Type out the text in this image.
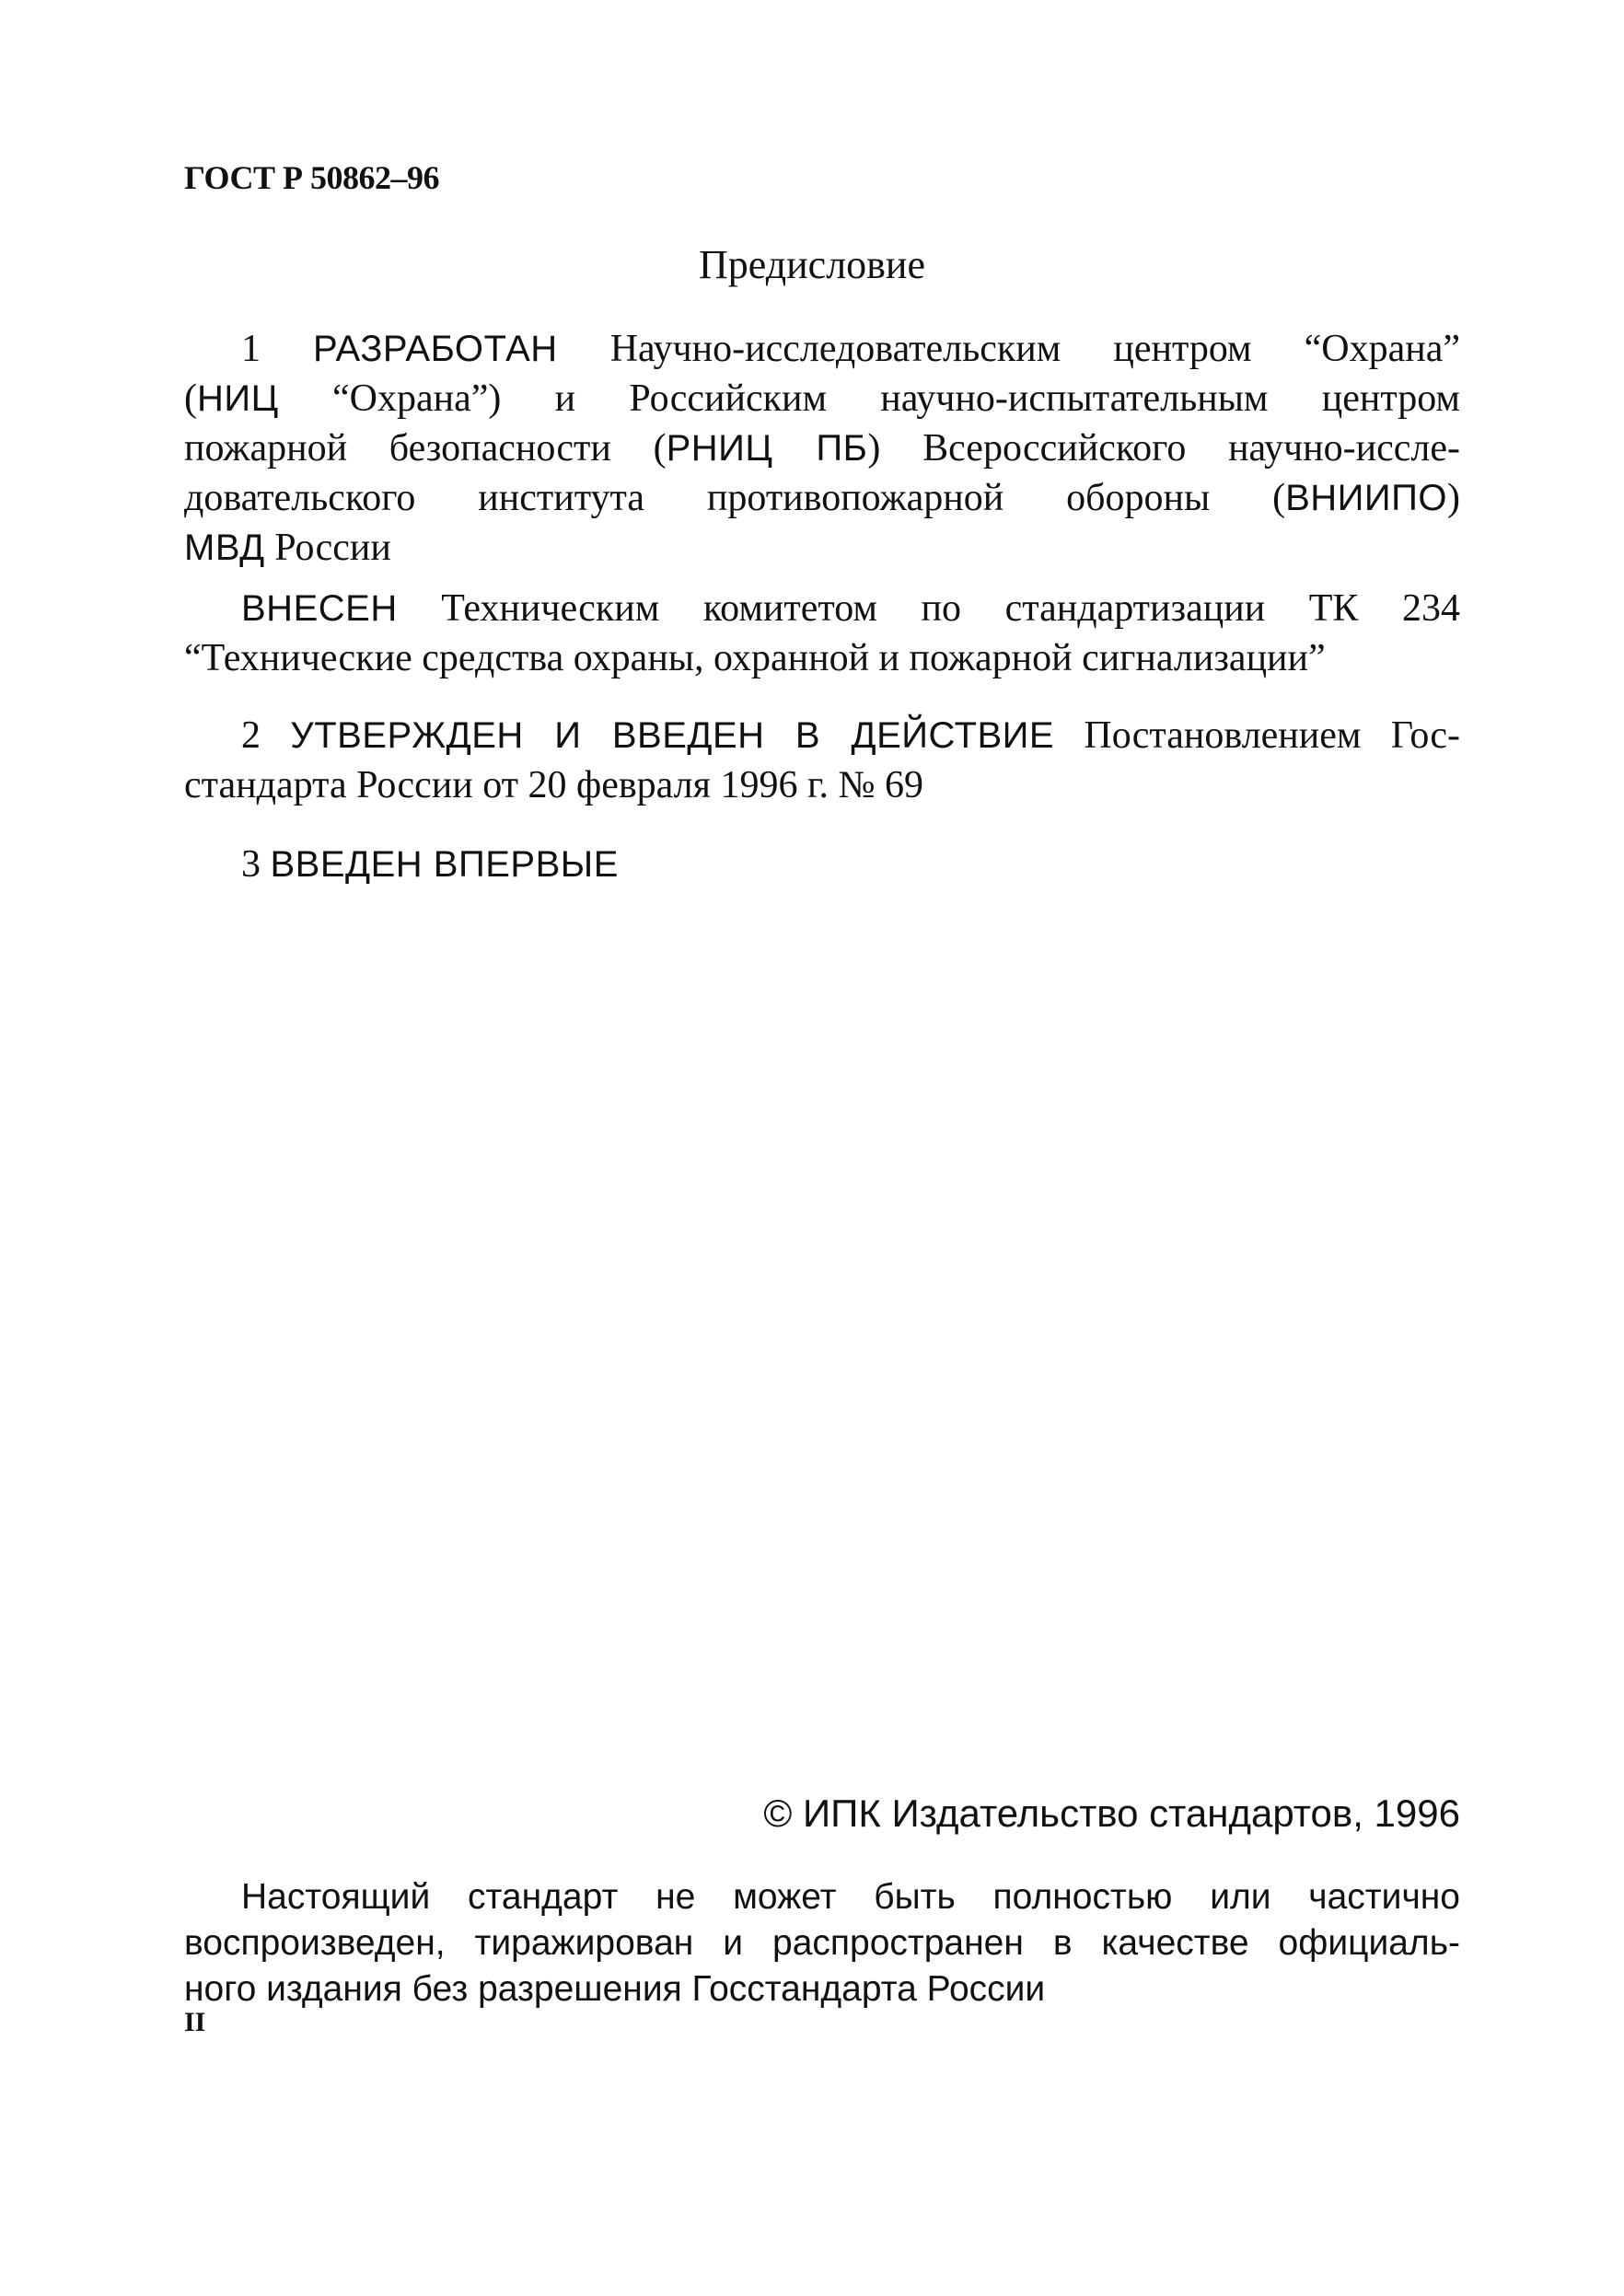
ГОСТ Р 50862–96
Предисловие
1 РАЗРАБОТАН Научно-исследовательским центром “Охрана”
(НИЦ “Охрана”) и Российским научно-испытательным центром
пожарной безопасности (РНИЦ ПБ) Всероссийского научно-иссле-
довательского института противопожарной обороны (ВНИИПО)
МВД России
ВНЕСЕН Техническим комитетом по стандартизации ТК 234
“Технические средства охраны, охранной и пожарной сигнализации”
2 УТВЕРЖДЕН И ВВЕДЕН В ДЕЙСТВИЕ Постановлением Гос-
стандарта России от 20 февраля 1996 г. № 69
3 ВВЕДЕН ВПЕРВЫЕ
© ИПК Издательство стандартов, 1996
Настоящий стандарт не может быть полностью или частично
воспроизведен, тиражирован и распространен в качестве официаль-
ного издания без разрешения Госстандарта России
II
